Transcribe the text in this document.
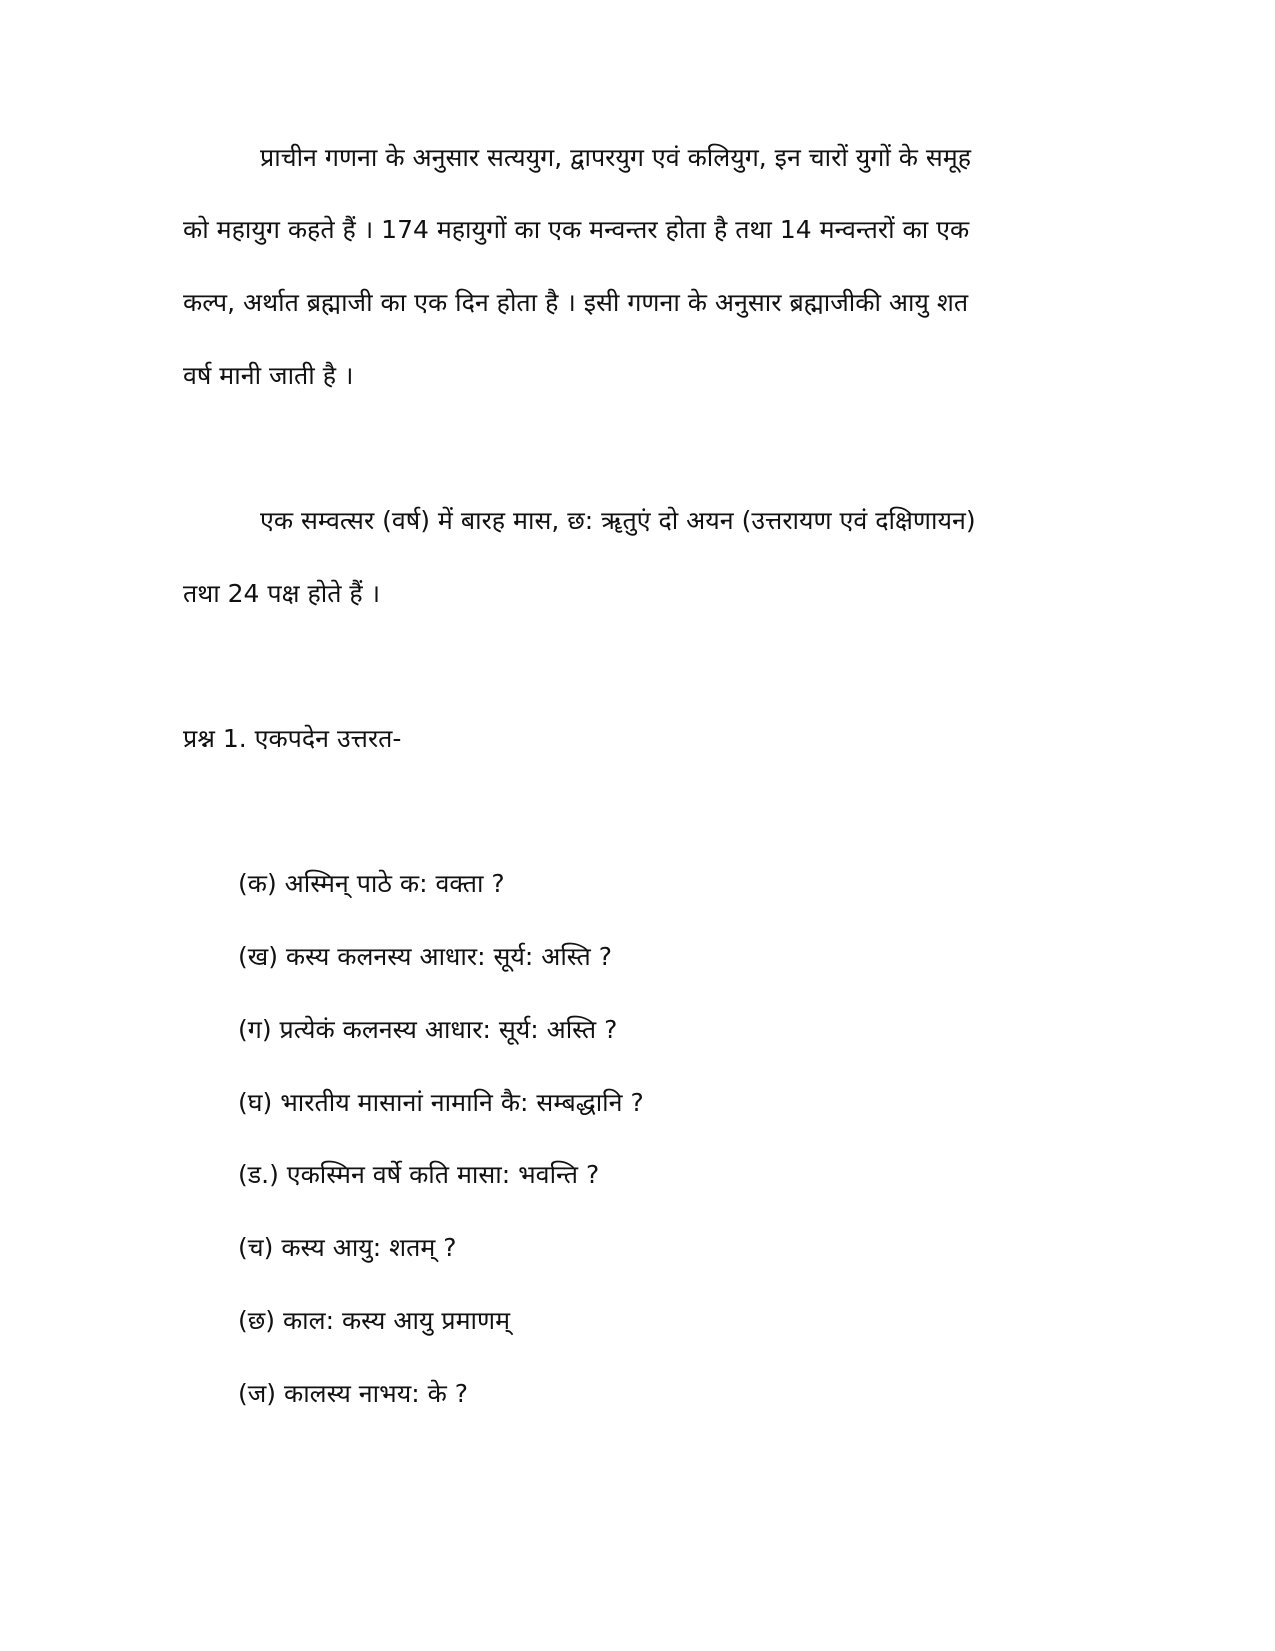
प्राचीन गणना के अनुसार सत्ययुग, द्वापरयुग एवं कलियुग, इन चारों युगों के समूह
को महायुग कहते हैं । 174 महायुगों का एक मन्वन्तर होता है तथा 14 मन्वन्तरों का एक
कल्प, अर्थात ब्रह्माजी का एक दिन होता है । इसी गणना के अनुसार ब्रह्माजीकी आयु शत
वर्ष मानी जाती है ।
एक सम्वत्सर (वर्ष) में बारह मास, छ: ॠतुएं दो अयन (उत्तरायण एवं दक्षिणायन)
तथा 24 पक्ष होते हैं ।
प्रश्न 1. एकपदेन उत्तरत-
(क) अस्मिन् पाठे क: वक्ता ?
(ख) कस्य कलनस्य आधार: सूर्य: अस्ति ?
(ग) प्रत्येकं कलनस्य आधार: सूर्य: अस्ति ?
(घ) भारतीय मासानां नामानि कै: सम्बद्धानि ?
(ड.) एकस्मिन वर्षे कति मासा: भवन्ति ?
(च) कस्य आयु: शतम् ?
(छ) काल: कस्य आयु प्रमाणम्
(ज) कालस्य नाभय: के ?
